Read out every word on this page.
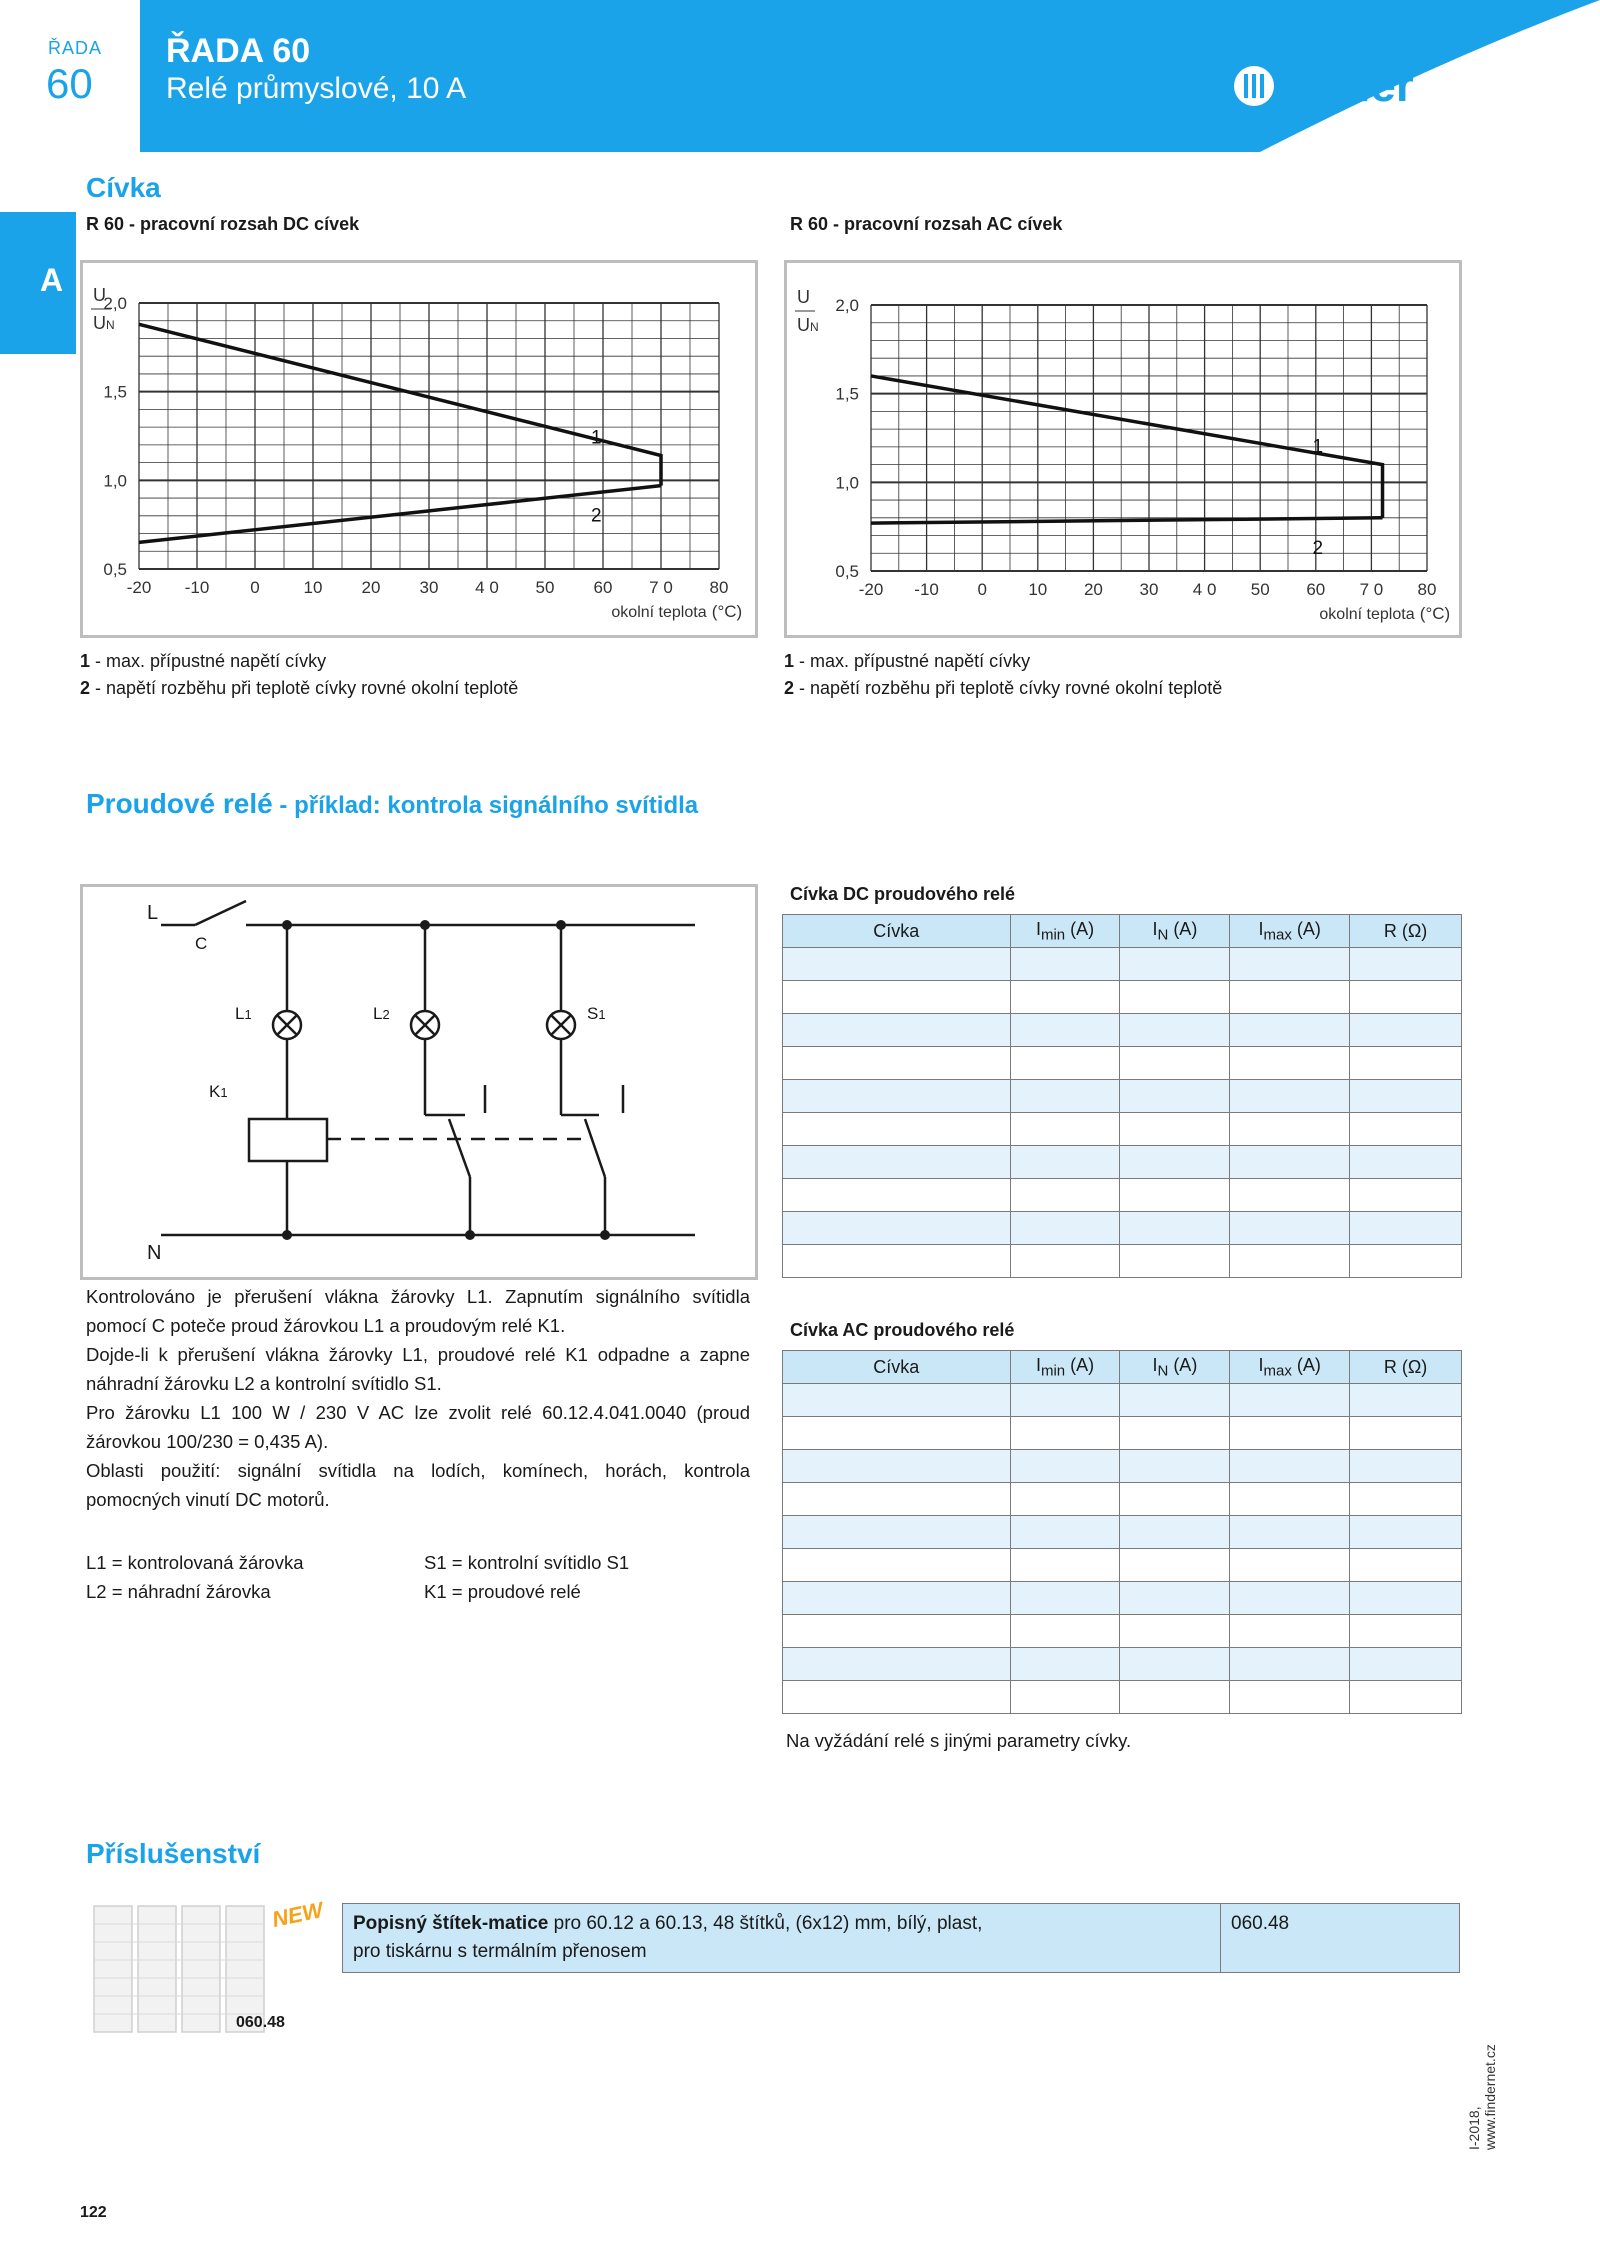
ŘADA
60
ŘADA 60
Relé průmyslové, 10 A	finder
A
Cívka
R 60 - pracovní rozsah DC cívek	R 60 - pracovní rozsah AC cívek
2,0
1,5
1,0
0,5
-20 -10 0	10 20 30 4 0 50 60 7 0 80
U
UN
okolní teplota (°C)
1
2
2,0
1,5
1,0
0,5
-20 -10 0 10 20 30 4 0 50 60 7 0 80
U
UN
okolní teplota (°C)
1
2
1 - max. přípustné napětí cívky
2 - napětí rozběhu při teplotě cívky rovné okolní teplotě
1 - max. přípustné napětí cívky
2 - napětí rozběhu při teplotě cívky rovné okolní teplotě
Proudové relé - příklad: kontrola signálního svítidla
L
C
L1	L2	S1
K1
N
Kontrolováno je přerušení vlákna žárovky L1. Zapnutím signálního svítidla pomocí C poteče proud žárovkou L1 a proudovým relé K1.
Dojde-li k přerušení vlákna žárovky L1, proudové relé K1 odpadne a zapne náhradní žárovku L2 a kontrolní svítidlo S1.
Pro žárovku L1 100 W / 230 V AC lze zvolit relé 60.12.4.041.0040 (proud žárovkou 100/230 = 0,435 A).
Oblasti použití: signální svítidla na lodích, komínech, horách, kontrola pomocných vinutí DC motorů.
L1 = kontrolovaná žárovka
L2 = náhradní žárovka
S1 = kontrolní svítidlo S1
K1 = proudové relé
Cívka DC proudového relé
Cívka	$I_{min}$ (A)	$I_N$ (A)	$I_{max}$ (A)	R (Ω)

Cívka AC proudového relé
Cívka	$I_{min}$ (A)	$I_N$ (A)	$I_{max}$ (A)	R (Ω)

Na vyžádání relé s jinými parametry cívky.
Příslušenství
NEW
060.48
Popisný štítek-matice pro 60.12 a 60.13, 48 štítků, (6x12) mm, bílý, plast,
pro tiskárnu s termálním přenosem	060.48
122
I-2018, www.findernet.cz
